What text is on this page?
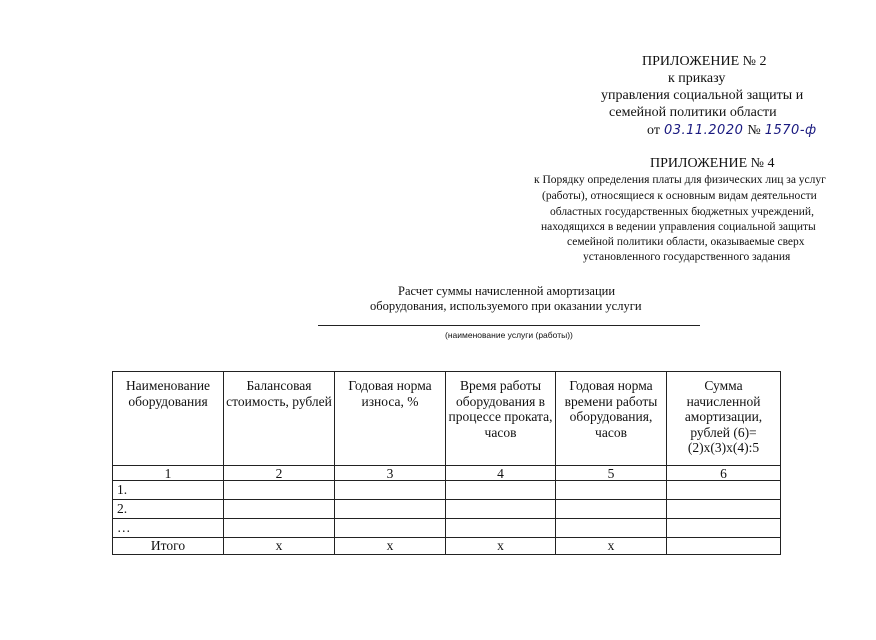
ПРИЛОЖЕНИЕ № 2
к приказу
управления социальной защиты и
семейной политики области
от 03.11.2020 № 1570-ф
ПРИЛОЖЕНИЕ № 4
к Порядку определения платы для физических лиц за услуг
(работы), относящиеся к основным видам деятельности
областных государственных бюджетных учреждений,
находящихся в ведении управления социальной защиты
семейной политики области, оказываемые сверх
установленного государственного задания
Расчет суммы начисленной амортизации
оборудования, используемого при оказании услуги
(наименование услуги (работы))
Наименование оборудования	Балансовая стоимость, рублей	Годовая норма износа, %	Время работы оборудования в процессе проката, часов	Годовая норма времени работы оборудования, часов	Сумма начисленной амортизации, рублей (6)=(2)x(3)x(4):5
1	2	3	4	5	6
1.					
2.					
…					
Итого	х	х	х	х	
